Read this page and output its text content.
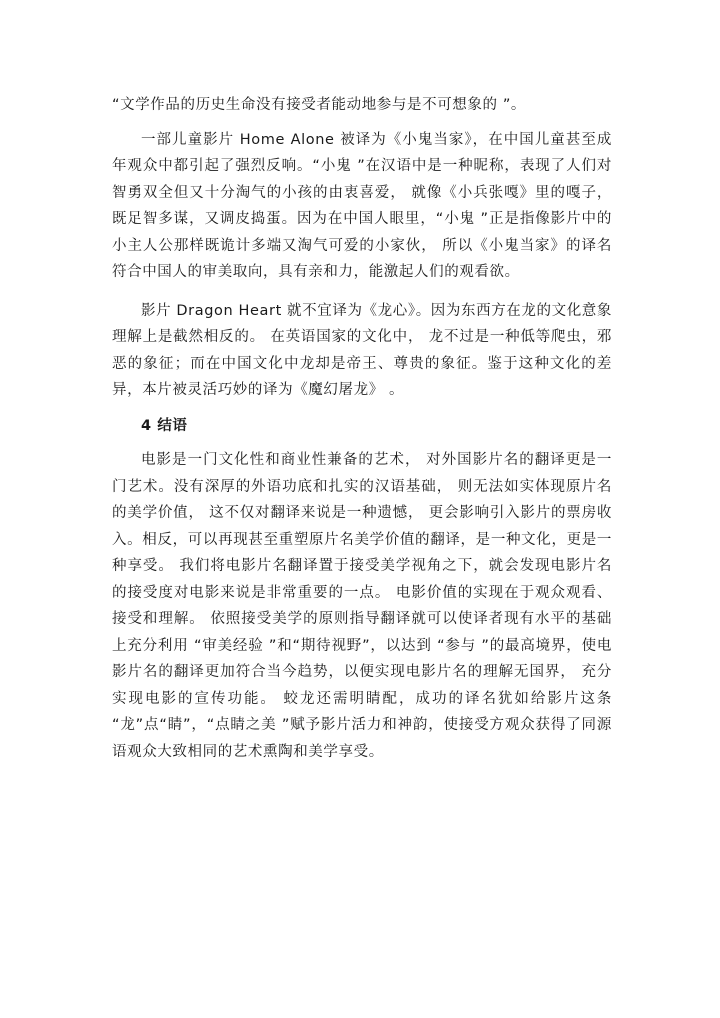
“文学作品的历史生命没有接受者能动地参与是不可想象的 ”。

一部儿童影片 Home Alone 被译为《小鬼当家》，在中国儿童甚至成年观众中都引起了强烈反响。“小鬼 ”在汉语中是一种昵称，表现了人们对智勇双全但又十分淘气的小孩的由衷喜爱， 就像《小兵张嘎》里的嘎子，既足智多谋，又调皮捣蛋。因为在中国人眼里，“小鬼 ”正是指像影片中的小主人公那样既诡计多端又淘气可爱的小家伙， 所以《小鬼当家》的译名符合中国人的审美取向，具有亲和力，能激起人们的观看欲。

影片 Dragon Heart 就不宜译为《龙心》。因为东西方在龙的文化意象理解上是截然相反的。 在英语国家的文化中， 龙不过是一种低等爬虫，邪恶的象征；而在中国文化中龙却是帝王、尊贵的象征。鉴于这种文化的差异，本片被灵活巧妙的译为《魔幻屠龙》 。

4 结语

电影是一门文化性和商业性兼备的艺术， 对外国影片名的翻译更是一门艺术。没有深厚的外语功底和扎实的汉语基础， 则无法如实体现原片名的美学价值， 这不仅对翻译来说是一种遗憾， 更会影响引入影片的票房收入。相反，可以再现甚至重塑原片名美学价值的翻译，是一种文化，更是一种享受。 我们将电影片名翻译置于接受美学视角之下，就会发现电影片名的接受度对电影来说是非常重要的一点。 电影价值的实现在于观众观看、 接受和理解。 依照接受美学的原则指导翻译就可以使译者现有水平的基础上充分利用 “审美经验 ”和“期待视野”，以达到 “参与 ”的最高境界，使电影片名的翻译更加符合当今趋势，以便实现电影片名的理解无国界， 充分实现电影的宣传功能。 蛟龙还需明睛配，成功的译名犹如给影片这条 “龙”点“睛”，“点睛之美 ”赋予影片活力和神韵，使接受方观众获得了同源语观众大致相同的艺术熏陶和美学享受。
